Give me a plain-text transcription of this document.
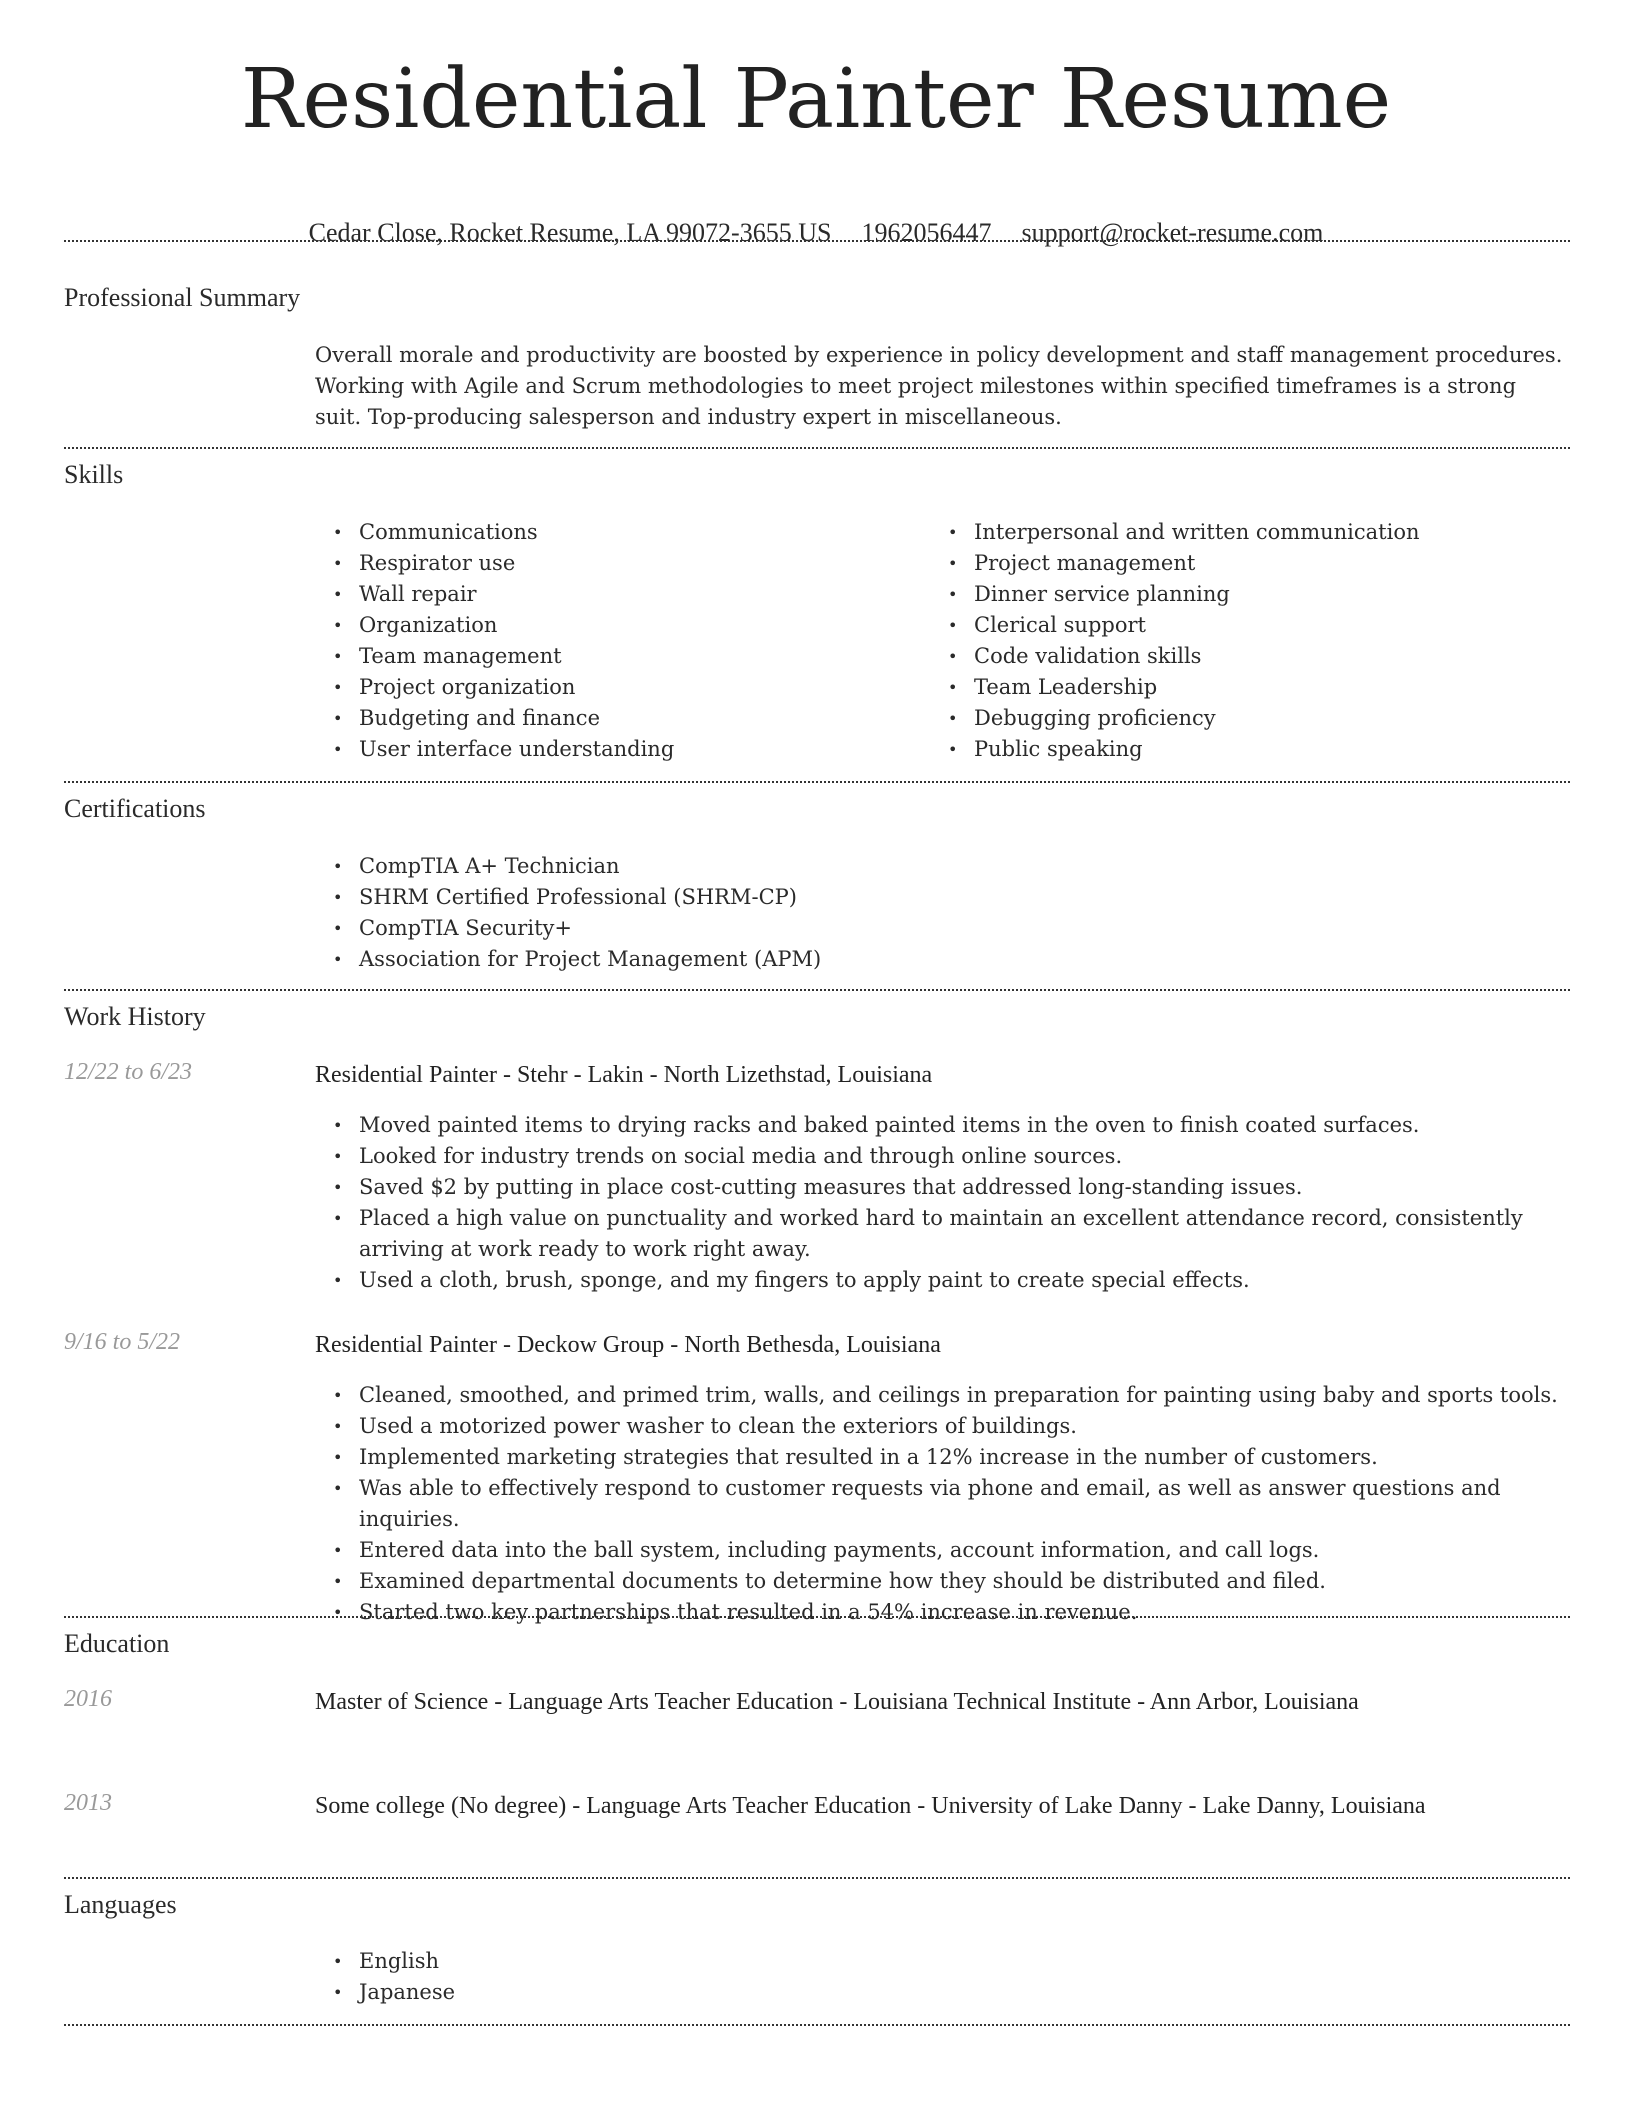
Residential Painter Resume
Cedar Close, Rocket Resume, LA 99072-3655 US 1962056447 support@rocket-resume.com
Professional Summary
Overall morale and productivity are boosted by experience in policy development and staff management procedures. Working with Agile and Scrum methodologies to meet project milestones within specified timeframes is a strong suit. Top-producing salesperson and industry expert in miscellaneous.
Skills
• Communications
• Respirator use
• Wall repair
• Organization
• Team management
• Project organization
• Budgeting and finance
• User interface understanding
• Interpersonal and written communication
• Project management
• Dinner service planning
• Clerical support
• Code validation skills
• Team Leadership
• Debugging proficiency
• Public speaking
Certifications
• CompTIA A+ Technician
• SHRM Certified Professional (SHRM-CP)
• CompTIA Security+
• Association for Project Management (APM)
Work History
12/22 to 6/23	Residential Painter - Stehr - Lakin - North Lizethstad, Louisiana
• Moved painted items to drying racks and baked painted items in the oven to finish coated surfaces.
• Looked for industry trends on social media and through online sources.
• Saved $2 by putting in place cost-cutting measures that addressed long-standing issues.
• Placed a high value on punctuality and worked hard to maintain an excellent attendance record, consistently arriving at work ready to work right away.
• Used a cloth, brush, sponge, and my fingers to apply paint to create special effects.
9/16 to 5/22	Residential Painter - Deckow Group - North Bethesda, Louisiana
• Cleaned, smoothed, and primed trim, walls, and ceilings in preparation for painting using baby and sports tools.
• Used a motorized power washer to clean the exteriors of buildings.
• Implemented marketing strategies that resulted in a 12% increase in the number of customers.
• Was able to effectively respond to customer requests via phone and email, as well as answer questions and inquiries.
• Entered data into the ball system, including payments, account information, and call logs.
• Examined departmental documents to determine how they should be distributed and filed.
• Started two key partnerships that resulted in a 54% increase in revenue.
Education
2016	Master of Science - Language Arts Teacher Education - Louisiana Technical Institute - Ann Arbor, Louisiana
2013	Some college (No degree) - Language Arts Teacher Education - University of Lake Danny - Lake Danny, Louisiana
Languages
• English
• Japanese
